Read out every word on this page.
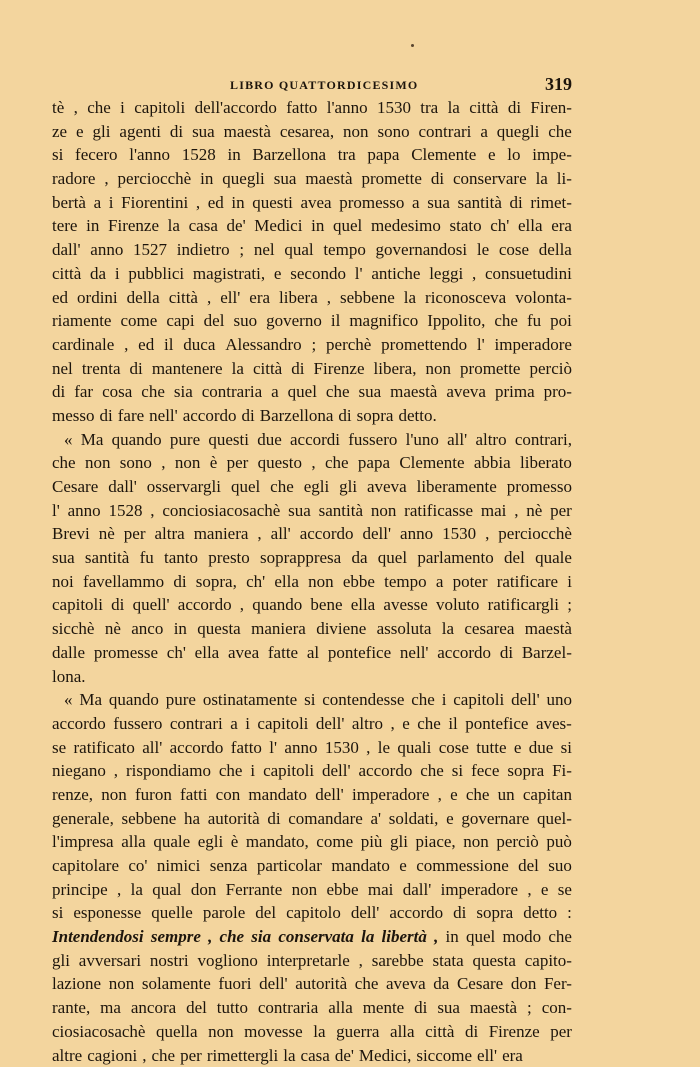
LIBRO QUATTORDICESIMO	319
tè , che i capitoli dell'accordo fatto l'anno 1530 tra la città di Firen-
ze e gli agenti di sua maestà cesarea, non sono contrari a quegli che
si fecero l'anno 1528 in Barzellona tra papa Clemente e lo impe-
radore , perciocchè in quegli sua maestà promette di conservare la li-
bertà a i Fiorentini , ed in questi avea promesso a sua santità di rimet-
tere in Firenze la casa de' Medici in quel medesimo stato ch' ella era
dall' anno 1527 indietro ; nel qual tempo governandosi le cose della
città da i pubblici magistrati, e secondo l' antiche leggi , consuetudini
ed ordini della città , ell' era libera , sebbene la riconosceva volonta-
riamente come capi del suo governo il magnifico Ippolito, che fu poi
cardinale , ed il duca Alessandro ; perchè promettendo l' imperadore
nel trenta di mantenere la città di Firenze libera, non promette perciò
di far cosa che sia contraria a quel che sua maestà aveva prima pro-
messo di fare nell' accordo di Barzellona di sopra detto.
« Ma quando pure questi due accordi fussero l'uno all' altro contrari,
che non sono , non è per questo , che papa Clemente abbia liberato
Cesare dall' osservargli quel che egli gli aveva liberamente promesso
l' anno 1528 , conciosiacosachè sua santità non ratificasse mai , nè per
Brevi nè per altra maniera , all' accordo dell' anno 1530 , perciocchè
sua santità fu tanto presto soprappresa da quel parlamento del quale
noi favellammo di sopra, ch' ella non ebbe tempo a poter ratificare i
capitoli di quell' accordo , quando bene ella avesse voluto ratificargli ;
sicchè nè anco in questa maniera diviene assoluta la cesarea maestà
dalle promesse ch' ella avea fatte al pontefice nell' accordo di Barzel-
lona.
« Ma quando pure ostinatamente si contendesse che i capitoli dell' uno
accordo fussero contrari a i capitoli dell' altro , e che il pontefice aves-
se ratificato all' accordo fatto l' anno 1530 , le quali cose tutte e due si
niegano , rispondiamo che i capitoli dell' accordo che si fece sopra Fi-
renze, non furon fatti con mandato dell' imperadore , e che un capitan
generale, sebbene ha autorità di comandare a' soldati, e governare quel-
l'impresa alla quale egli è mandato, come più gli piace, non perciò può
capitolare co' nimici senza particolar mandato e commessione del suo
principe , la qual don Ferrante non ebbe mai dall' imperadore , e se
si esponesse quelle parole del capitolo dell' accordo di sopra detto :
Intendendosi sempre , che sia conservata la libertà , in quel modo che
gli avversari nostri vogliono interpretarle , sarebbe stata questa capito-
lazione non solamente fuori dell' autorità che aveva da Cesare don Fer-
rante, ma ancora del tutto contraria alla mente di sua maestà ; con-
ciosiacosachè quella non movesse la guerra alla città di Firenze per
altre cagioni , che per rimettergli la casa de' Medici, siccome ell' era
